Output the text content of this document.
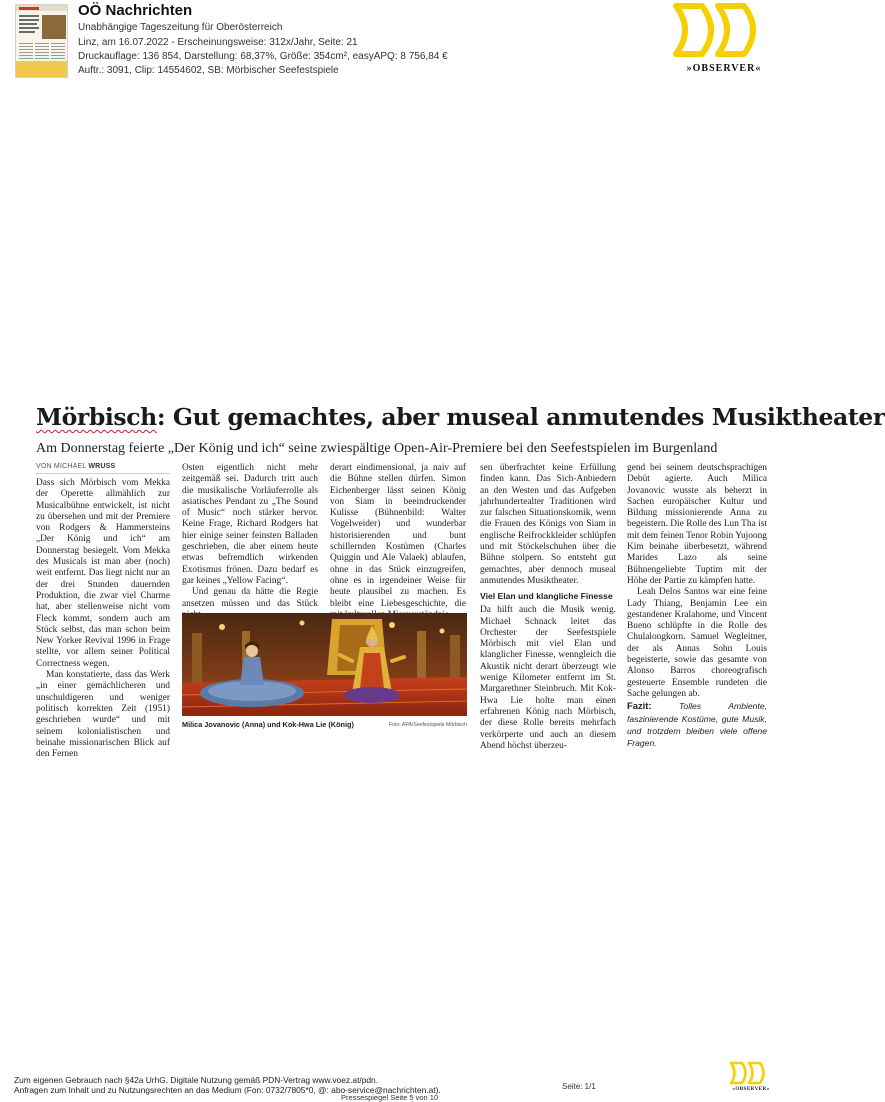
OÖ Nachrichten
Unabhängige Tageszeitung für Oberösterreich
Linz, am 16.07.2022 - Erscheinungsweise: 312x/Jahr, Seite: 21
Druckauflage: 136 854, Darstellung: 68,37%, Größe: 354cm², easyAPQ: 8 756,84 €
Auftr.: 3091, Clip: 14554602, SB: Mörbischer Seefestspiele	»OBSERVER«
Mörbisch: Gut gemachtes, aber museal anmutendes Musiktheater
Am Donnerstag feierte „Der König und ich“ seine zwiespältige Open-Air-Premiere bei den Seefestspielen im Burgenland
VON MICHAEL WRUSS

Dass sich Mörbisch vom Mekka der Operette allmählich zur Musicalbühne entwickelt, ist nicht zu übersehen und mit der Premiere von Rodgers & Hammersteins „Der König und ich“ am Donnerstag besiegelt. Vom Mekka des Musicals ist man aber (noch) weit entfernt. Das liegt nicht nur an der drei Stunden dauernden Produktion, die zwar viel Charme hat, aber stellenweise nicht vom Fleck kommt, sondern auch am Stück selbst, das man schon beim New Yorker Revival 1996 in Frage stellte, vor allem seiner Political Correctness wegen.

Man konstatierte, dass das Werk „in einer gemächlicheren und unschuldigeren und weniger politisch korrekten Zeit (1951) geschrieben wurde“ und mit seinem kolonialistischen und beinahe missionarischen Blick auf den Fernen

Osten eigentlich nicht mehr zeitgemäß sei. Dadurch tritt auch die musikalische Vorläuferrolle als asiatisches Pendant zu „The Sound of Music“ noch stärker hervor. Keine Frage, Richard Rodgers hat hier einige seiner feinsten Balladen geschrieben, die aber einem heute etwas befremdlich wirkenden Exotismus frönen. Dazu bedarf es gar keines „Yellow Facing“.

Und genau da hätte die Regie ansetzen müssen und das Stück

derart eindimensional, ja naiv auf die Bühne stellen dürfen. Simon Eichenberger lässt seinen König von Siam in beeindruckender Kulisse (Bühnenbild: Walter Vogelweider) und wunderbar historisierenden und bunt schillernden Kostümen (Charles Quiggin und Ale Valaek) ablaufen, ohne in das Stück einzugreifen, ohne es in irgendeiner Weise für heute plausibel zu machen. Es bleibt eine Liebesgeschichte, die

sen überfrachtet keine Erfüllung finden kann. Das Sich-Anbiedern an den Westen und das Aufgeben jahrhundertealter Traditionen wird zur falschen Situationskomik, wenn die Frauen des Königs von Siam in englische Reifrockkleider schlüpfen und mit Stöckelschuhen über die Bühne stolpern. So entsteht gut gemachtes, aber dennoch museal anmutendes Musiktheater.

Viel Elan und klangliche Finesse

Da hilft auch die Musik wenig. Michael Schnack leitet das Orchester der Seefestspiele Mörbisch mit viel Elan und klanglicher Finesse, wenngleich die Akustik nicht derart überzeugt wie wenige Kilometer entfernt im St. Margarethner Steinbruch. Mit Kok-Hwa Lie holte man einen erfahrenen König nach Mörbisch, der diese Rolle bereits mehrfach verkörperte und auch an diesem Abend höchst überzeu-

gend bei seinem deutschsprachigen Debüt agierte. Auch Milica Jovanovic wusste als beherzt in Sachen europäischer Kultur und Bildung missionierende Anna zu begeistern. Die Rolle des Lun Tha ist mit dem feinen Tenor Robin Yujoong Kim beinahe überbesetzt, während Marides Lazo als seine Bühnengeliebte Tuptim mit der Höhe der Partie zu kämpfen hatte.

Leah Delos Santos war eine feine Lady Thiang, Benjamin Lee ein gestandener Kralahome, und Vincent Bueno schlüpfte in die Rolle des Chulalongkorn. Samuel Wegleitner, der als Annas Sohn Louis begeisterte, sowie das gesamte von Alonso Barros choreografisch gesteuerte Ensemble rundeten die Sache gelungen ab.

Fazit:	Tolles Ambiente, faszinierende Kostüme, gute Musik, und trotzdem bleiben viele offene Fragen.

Milica Jovanovic (Anna) und Kok-Hwa Lie (König)	Foto: APA/Seefestspiele Mörbisch
Zum eigenen Gebrauch nach §42a UrhG. Digitale Nutzung gemäß PDN-Vertrag www.voez.at/pdn.
Anfragen zum Inhalt und zu Nutzungsrechten an das Medium (Fon: 0732/7805*0, @: abo-service@nachrichten.at).
Pressespiegel Seite 5 von 10
Seite: 1/1	»OBSERVER«
